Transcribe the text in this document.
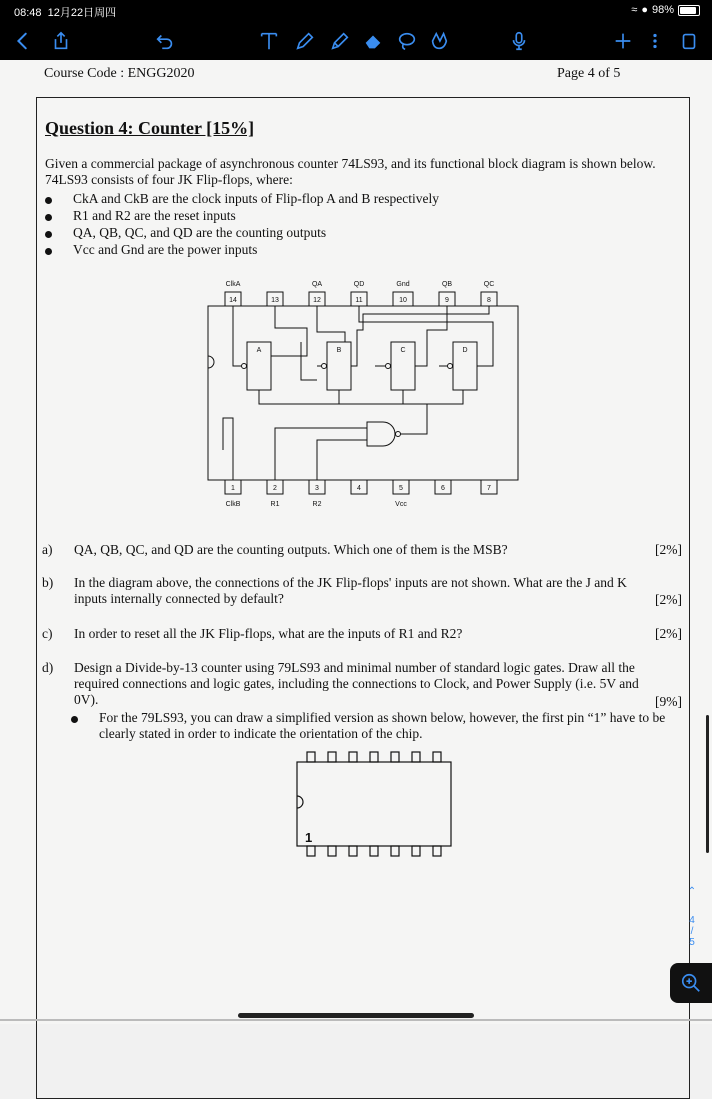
08:48 12月22日周四	≈ ● 98%
Course Code : ENGG2020	Page 4 of 5
Question 4: Counter [15%]
Given a commercial package of asynchronous counter 74LS93, and its functional block diagram is shown below. 74LS93 consists of four JK Flip-flops, where:
CkA and CkB are the clock inputs of Flip-flop A and B respectively
R1 and R2 are the reset inputs
QA, QB, QC, and QD are the counting outputs
Vcc and Gnd are the power inputs
ClkA	QA	QD	Gnd	QB	QC
14	13	12	11	10	9	8
1	2	3	4	5	6	7
ClkB	R1	R2	Vcc
A	B	C	D
a) QA, QB, QC, and QD are the counting outputs. Which one of them is the MSB?	[2%]
b) In the diagram above, the connections of the JK Flip-flops' inputs are not shown. What are the J and K inputs internally connected by default?	[2%]
c) In order to reset all the JK Flip-flops, what are the inputs of R1 and R2?	[2%]
d) Design a Divide-by-13 counter using 79LS93 and minimal number of standard logic gates. Draw all the required connections and logic gates, including the connections to Clock, and Power Supply (i.e. 5V and 0V).	[9%]
For the 79LS93, you can draw a simplified version as shown below, however, the first pin “1” have to be clearly stated in order to indicate the orientation of the chip.
1
⌃
4
/
5
